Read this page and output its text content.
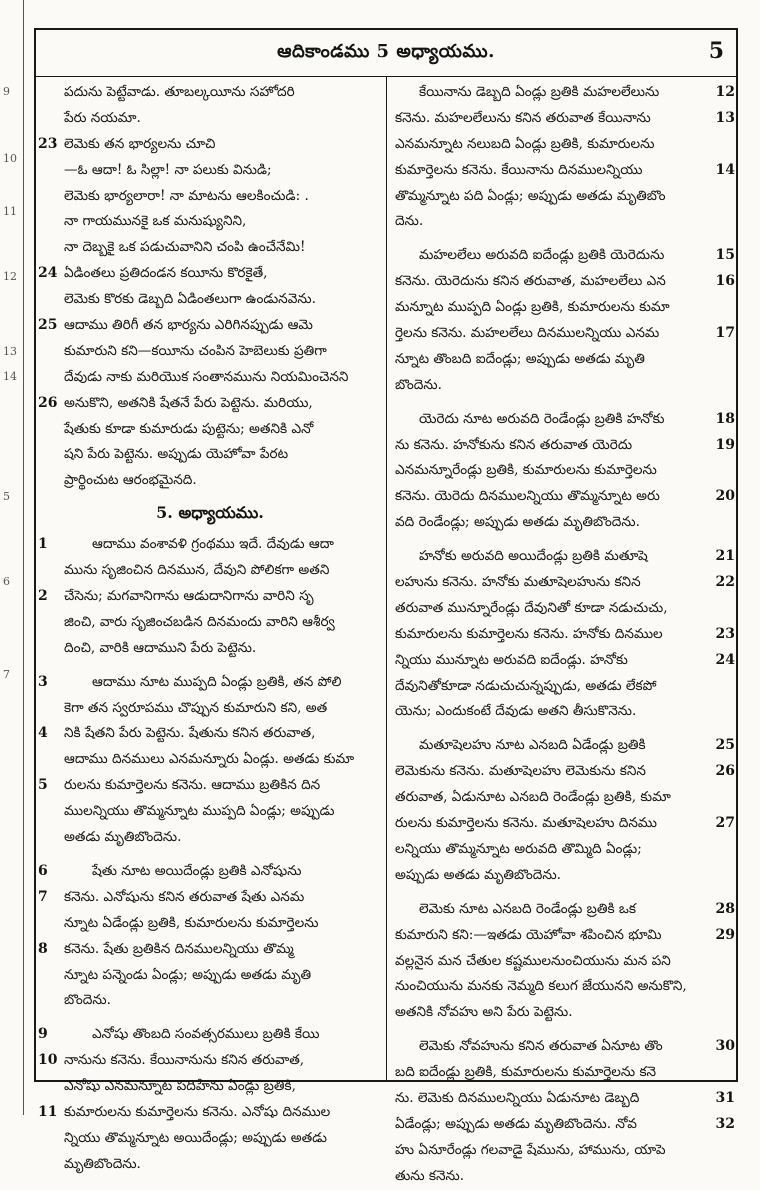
9
10
11
12
13
14
5
6
7
ఆదికాండము 5 అధ్యాయము.	5
పదును పెట్టేవాడు. తూబల్కయీను సహోదరి
పేరు నయమా.
23 లెమెకు తన భార్యలను చూచి
—ఓ ఆదా! ఓ సిల్లా! నా పలుకు వినుడి;
లెమెకు భార్యలారా! నా మాటను ఆలకించుడి: .
నా గాయమునకై ఒక మనుష్యునిని,
నా దెబ్బకై ఒక పడుచువానిని చంపి ఉంచేనేమి!
24 ఏడింతలు ప్రతిదండన కయీను కొరకైతే,
లెమెకు కొరకు డెబ్బది ఏడింతలుగా ఉండునవెను.
25 ఆదాము తిరిగీ తన భార్యను ఎరిగినప్పుడు ఆమె
కుమారుని కని—కయీను చంపిన హెబెలుకు ప్రతిగా
దేవుడు నాకు మరియొక సంతానమును నియమించెనని
26 అనుకొని, అతనికి షేతనే పేరు పెట్టెను. మరియు,
షేతుకు కూడా కుమారుడు పుట్టెను; అతనికి ఎనో
షని పేరు పెట్టెను. అప్పుడు యెహోవా పేరట
ప్రార్థించుట ఆరంభమైనది.
5. అధ్యాయము.
1	ఆదాము వంశావళి గ్రంథము ఇదే. దేవుడు ఆదా
మును సృజించిన దినమున, దేవుని పోలికగా అతని
2 చేసెను; మగవానిగాను ఆడుదానిగాను వారిని సృ
జించి, వారు సృజించబడిన దినమందు వారిని ఆశీర్వ
దించి, వారికి ఆదాముని పేరు పెట్టెను.
3	ఆదాము నూట ముప్పది ఏండ్లు బ్రతికి, తన పోలి
కెగా తన స్వరూపము చొప్పున కుమారుని కని, అత
4 నికి షేతని పేరు పెట్టెను. షేతును కనిన తరువాత,
ఆదాము దినములు ఎనమన్నూరు ఏండ్లు. అతడు కుమా
5 రులను కుమార్తెలను కనెను. ఆదాము బ్రతికిన దిన
ములన్నియు తొమ్మన్నూట ముప్పది ఏండ్లు; అప్పుడు
అతడు మృతిబొందెను.
6	షేతు నూట అయిదేండ్లు బ్రతికి ఎనోషును
7 కనెను. ఎనోషును కనిన తరువాత షేతు ఎనమ
న్నూట ఏడేండ్లు బ్రతికి, కుమారులను కుమార్తెలను
8 కనెను. షేతు బ్రతికిన దినములన్నియు తొమ్మ
న్నూట పన్నెండు ఏండ్లు; అప్పుడు అతడు మృతి
బొందెను.
9	ఎనోషు తొంబది సంవత్సరములు బ్రతికి కేయి
10 నానును కనెను. కేయినానును కనిన తరువాత,
ఎనోషు ఎనమన్నూట పదిహేను ఏండ్లు బ్రతికి,
11 కుమారులను కుమార్తెలను కనెను. ఎనోషు దినముల
న్నియు తొమ్మన్నూట అయిదేండ్లు; అప్పుడు అతడు
మృతిబొందెను.
12
కేయినాను డెబ్బది ఏండ్లు బ్రతికి మహలలేలును
13
కనెను. మహలలేలును కనిన తరువాత కేయినాను
ఎనమన్నూట నలుబది ఏండ్లు బ్రతికి, కుమారులను
14
కుమార్తెలను కనెను. కేయినాను దినములన్నియు
తొమ్మన్నూట పది ఏండ్లు; అప్పుడు అతడు మృతిబొం
దెను.
15
మహలలేలు అరువది ఐదేండ్లు బ్రతికి యెరెదును
16
కనెను. యెరెదును కనిన తరువాత, మహలలేలు ఎన
మన్నూట ముప్పది ఏండ్లు బ్రతికి, కుమారులను కుమా
17
ర్తెలను కనెను. మహలలేలు దినములన్నియు ఎనమ
న్నూట తొంబది ఐదేండ్లు; అప్పుడు అతడు మృతి
బొందెను.
18
యెరెదు నూట అరువది రెండేండ్లు బ్రతికి హనోకు
19
ను కనెను. హనోకును కనిన తరువాత యెరెదు
ఎనమన్నూరేండ్లు బ్రతికి, కుమారులను కుమార్తెలను
20
కనెను. యెరెదు దినములన్నియు తొమ్మన్నూట అరు
వది రెండేండ్లు; అప్పుడు అతడు మృతిబొందెను.
21
హనోకు అరువది అయిదేండ్లు బ్రతికి మతూషె
22
లహును కనెను. హనోకు మతూషెలహును కనిన
తరువాత మున్నూరేండ్లు దేవునితో కూడా నడుచుచు,
23
కుమారులను కుమార్తెలను కనెను. హనోకు దినముల
24
న్నియు మున్నూట అరువది ఐదేండ్లు. హనోకు
దేవునితోకూడా నడుచుచున్నప్పుడు, అతడు లేకపో
యెను; ఎందుకంటే దేవుడు అతని తీసుకొనెను.
25
మతూషెలహు నూట ఎనబది ఏడేండ్లు బ్రతికి
26
లెమెకును కనెను. మతూషెలహు లెమెకును కనిన
తరువాత, ఏడునూట ఎనబది రెండేండ్లు బ్రతికి, కుమా
27
రులను కుమార్తెలను కనెను. మతూషెలహు దినము
లన్నియు తొమ్మన్నూట అరువది తొమ్మిది ఏండ్లు;
అప్పుడు అతడు మృతిబొందెను.
28
లెమెకు నూట ఎనబది రెండేండ్లు బ్రతికి ఒక
29
కుమారుని కని:—ఇతడు యెహోవా శపించిన భూమి
వల్లనైన మన చేతుల కష్టములనుంచియును మన పని
నుంచియును మనకు నెమ్మది కలుగ జేయునని అనుకొని,
అతనికి నోవహు అని పేరు పెట్టెను.
30
లెమెకు నోవహును కనిన తరువాత ఏనూట తొం
బది ఐదేండ్లు బ్రతికి, కుమారులను కుమార్తెలను కనె
31
ను. లెమెకు దినములన్నియు ఏడునూట డెబ్బది
32
ఏడేండ్లు; అప్పుడు అతడు మృతిబొందెను. నోవ
హు ఏనూరేండ్లు గలవాడై షేమును, హామును, యాపె
తును కనెను.
